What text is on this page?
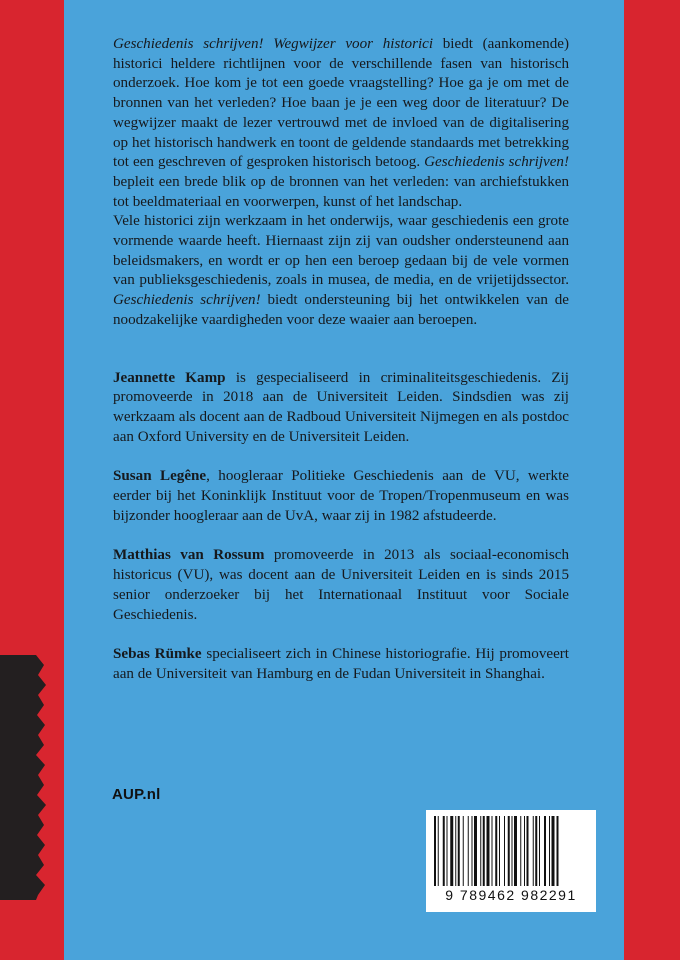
Geschiedenis schrijven! Wegwijzer voor historici biedt (aankomende) historici heldere richtlijnen voor de verschillende fasen van historisch onderzoek. Hoe kom je tot een goede vraagstelling? Hoe ga je om met de bronnen van het verleden? Hoe baan je je een weg door de literatuur? De wegwijzer maakt de lezer vertrouwd met de invloed van de digitalisering op het historisch handwerk en toont de geldende standaards met betrekking tot een geschreven of gesproken historisch betoog. Geschiedenis schrijven! bepleit een brede blik op de bronnen van het verleden: van archiefstukken tot beeldmateriaal en voorwerpen, kunst of het landschap.

Vele historici zijn werkzaam in het onderwijs, waar geschiedenis een grote vormende waarde heeft. Hiernaast zijn zij van oudsher ondersteunend aan beleidsmakers, en wordt er op hen een beroep gedaan bij de vele vormen van publieksgeschiedenis, zoals in musea, de media, en de vrijetijdssector. Geschiedenis schrijven! biedt ondersteuning bij het ontwikkelen van de noodzakelijke vaardigheden voor deze waaier aan beroepen.

Jeannette Kamp is gespecialiseerd in criminaliteitsgeschiedenis. Zij promoveerde in 2018 aan de Universiteit Leiden. Sindsdien was zij werkzaam als docent aan de Radboud Universiteit Nijmegen en als postdoc aan Oxford University en de Universiteit Leiden.

Susan Legêne, hoogleraar Politieke Geschiedenis aan de VU, werkte eerder bij het Koninklijk Instituut voor de Tropen/Tropenmuseum en was bijzonder hoogleraar aan de UvA, waar zij in 1982 afstudeerde.

Matthias van Rossum promoveerde in 2013 als sociaal-economisch historicus (VU), was docent aan de Universiteit Leiden en is sinds 2015 senior onderzoeker bij het Internationaal Instituut voor Sociale Geschiedenis.

Sebas Rümke specialiseert zich in Chinese historiografie. Hij promoveert aan de Universiteit van Hamburg en de Fudan Universiteit in Shanghai.

AUP.nl
9 789462 982291
